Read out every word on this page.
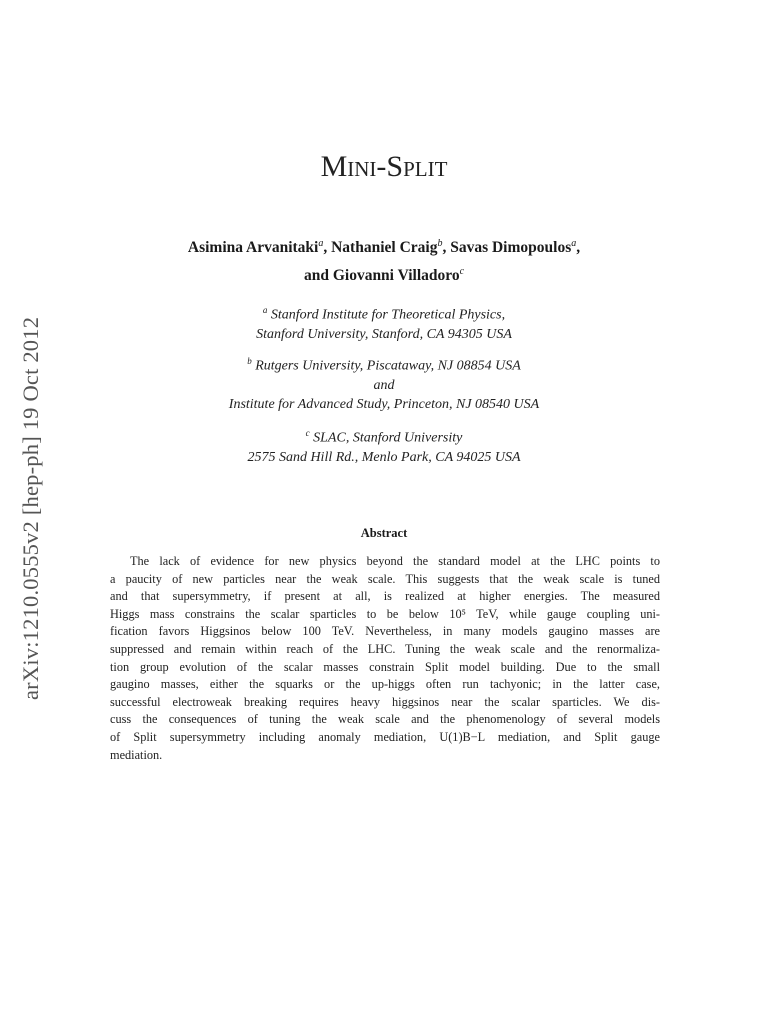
arXiv:1210.0555v2 [hep-ph] 19 Oct 2012
Mini-Split
Asimina Arvanitaki$^a$, Nathaniel Craig$^b$, Savas Dimopoulos$^a$,
and Giovanni Villadoro$^c$
$^a$ Stanford Institute for Theoretical Physics,
Stanford University, Stanford, CA 94305 USA
$^b$ Rutgers University, Piscataway, NJ 08854 USA
and
Institute for Advanced Study, Princeton, NJ 08540 USA
$^c$ SLAC, Stanford University
2575 Sand Hill Rd., Menlo Park, CA 94025 USA
Abstract
The lack of evidence for new physics beyond the standard model at the LHC points to
a paucity of new particles near the weak scale. This suggests that the weak scale is tuned
and that supersymmetry, if present at all, is realized at higher energies. The measured
Higgs mass constrains the scalar sparticles to be below 10⁵ TeV, while gauge coupling uni-
fication favors Higgsinos below 100 TeV. Nevertheless, in many models gaugino masses are
suppressed and remain within reach of the LHC. Tuning the weak scale and the renormaliza-
tion group evolution of the scalar masses constrain Split model building. Due to the small
gaugino masses, either the squarks or the up-higgs often run tachyonic; in the latter case,
successful electroweak breaking requires heavy higgsinos near the scalar sparticles. We dis-
cuss the consequences of tuning the weak scale and the phenomenology of several models
of Split supersymmetry including anomaly mediation, U(1)B−L mediation, and Split gauge
mediation.
